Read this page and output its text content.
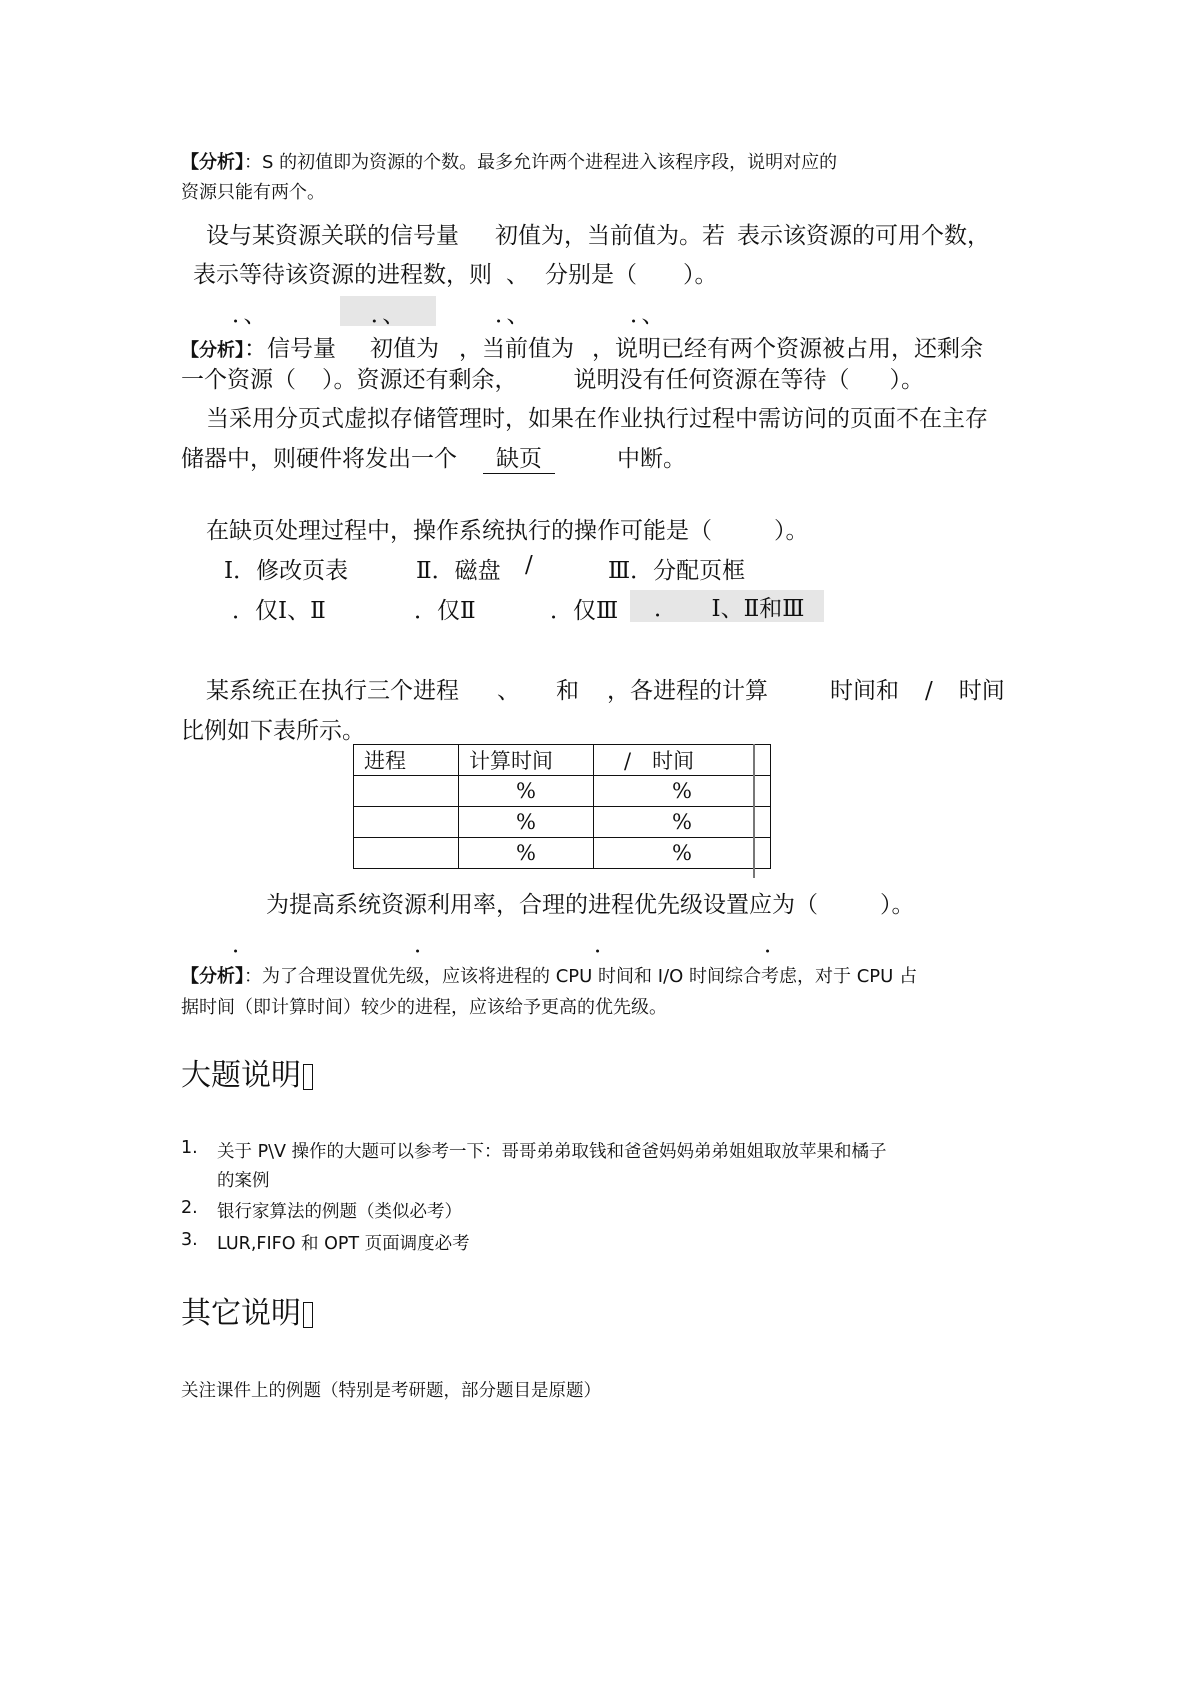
【分析】：S 的初值即为资源的个数。最多允许两个进程进入该程序段，说明对应的
资源只能有两个。
设与某资源关联的信号量 初值为，当前值为。若 表示该资源的可用个数，
表示等待该资源的进程数，则 、 分别是（ ）。
．、	．、	．、	．、
【分析】：信号量 初值为 ，当前值为 ，说明已经有两个资源被占用，还剩余
一个资源（ ）。资源还有剩余， 说明没有任何资源在等待（ ）。
当采用分页式虚拟存储管理时，如果在作业执行过程中需访问的页面不在主存
储器中，则硬件将发出一个 缺页	中断。
在缺页处理过程中，操作系统执行的操作可能是（	）。
Ⅰ．修改页表	Ⅱ．磁盘 /	Ⅲ．分配页框
．仅Ⅰ、Ⅱ	．仅Ⅱ	．仅Ⅲ	．　　Ⅰ、Ⅱ和Ⅲ
某系统正在执行三个进程 、 和 ，各进程的计算	时间和 / 时间
比例如下表所示。
进程	计算时间	/　时间
	%	%
	%	%
	%	%
为提高系统资源利用率，合理的进程优先级设置应为（	）。
．	．	．	．
【分析】：为了合理设置优先级，应该将进程的 CPU 时间和 I/O 时间综合考虑，对于 CPU 占
据时间（即计算时间）较少的进程，应该给予更高的优先级。
大题说明
1. 关于 P\V 操作的大题可以参考一下：哥哥弟弟取钱和爸爸妈妈弟弟姐姐取放苹果和橘子
的案例
2. 银行家算法的例题（类似必考）
3. LUR,FIFO 和 OPT 页面调度必考
其它说明
关注课件上的例题（特别是考研题，部分题目是原题）
